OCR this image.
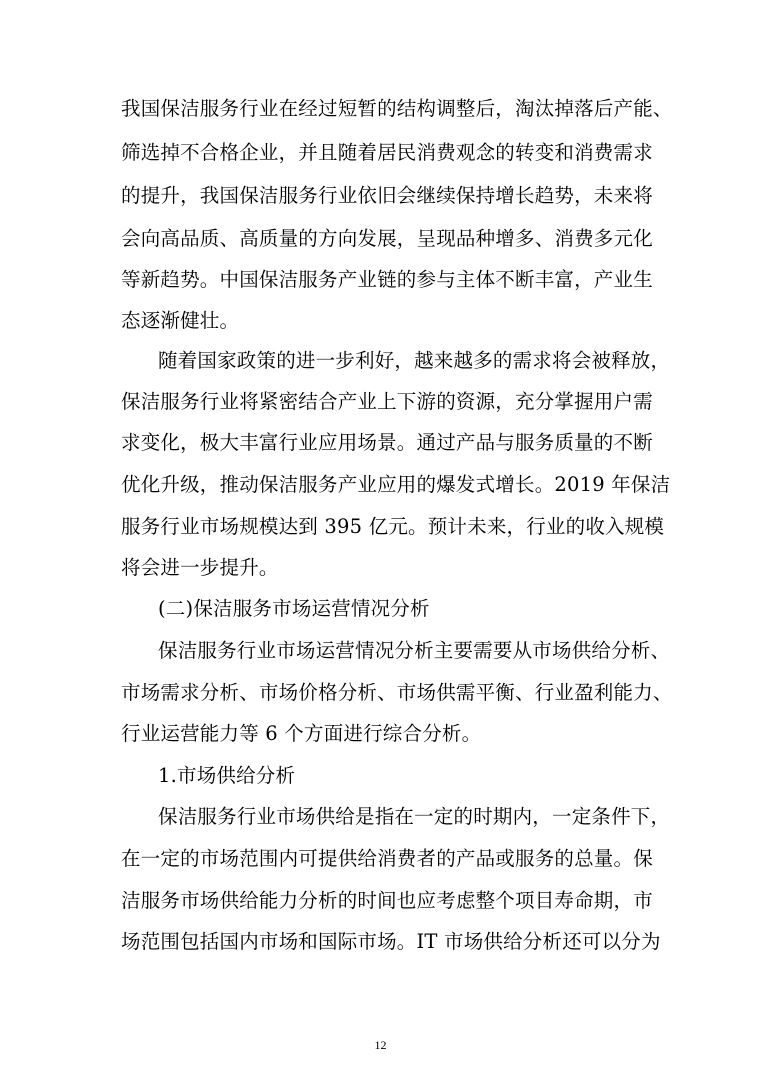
我国保洁服务行业在经过短暂的结构调整后，淘汰掉落后产能、
筛选掉不合格企业，并且随着居民消费观念的转变和消费需求
的提升，我国保洁服务行业依旧会继续保持增长趋势，未来将
会向高品质、高质量的方向发展，呈现品种增多、消费多元化
等新趋势。中国保洁服务产业链的参与主体不断丰富，产业生
态逐渐健壮。
随着国家政策的进一步利好，越来越多的需求将会被释放，
保洁服务行业将紧密结合产业上下游的资源，充分掌握用户需
求变化，极大丰富行业应用场景。通过产品与服务质量的不断
优化升级，推动保洁服务产业应用的爆发式增长。2019 年保洁
服务行业市场规模达到 395 亿元。预计未来，行业的收入规模
将会进一步提升。
(二)保洁服务市场运营情况分析
保洁服务行业市场运营情况分析主要需要从市场供给分析、
市场需求分析、市场价格分析、市场供需平衡、行业盈利能力、
行业运营能力等 6 个方面进行综合分析。
1.市场供给分析
保洁服务行业市场供给是指在一定的时期内，一定条件下，
在一定的市场范围内可提供给消费者的产品或服务的总量。保
洁服务市场供给能力分析的时间也应考虑整个项目寿命期，市
场范围包括国内市场和国际市场。IT 市场供给分析还可以分为
12
